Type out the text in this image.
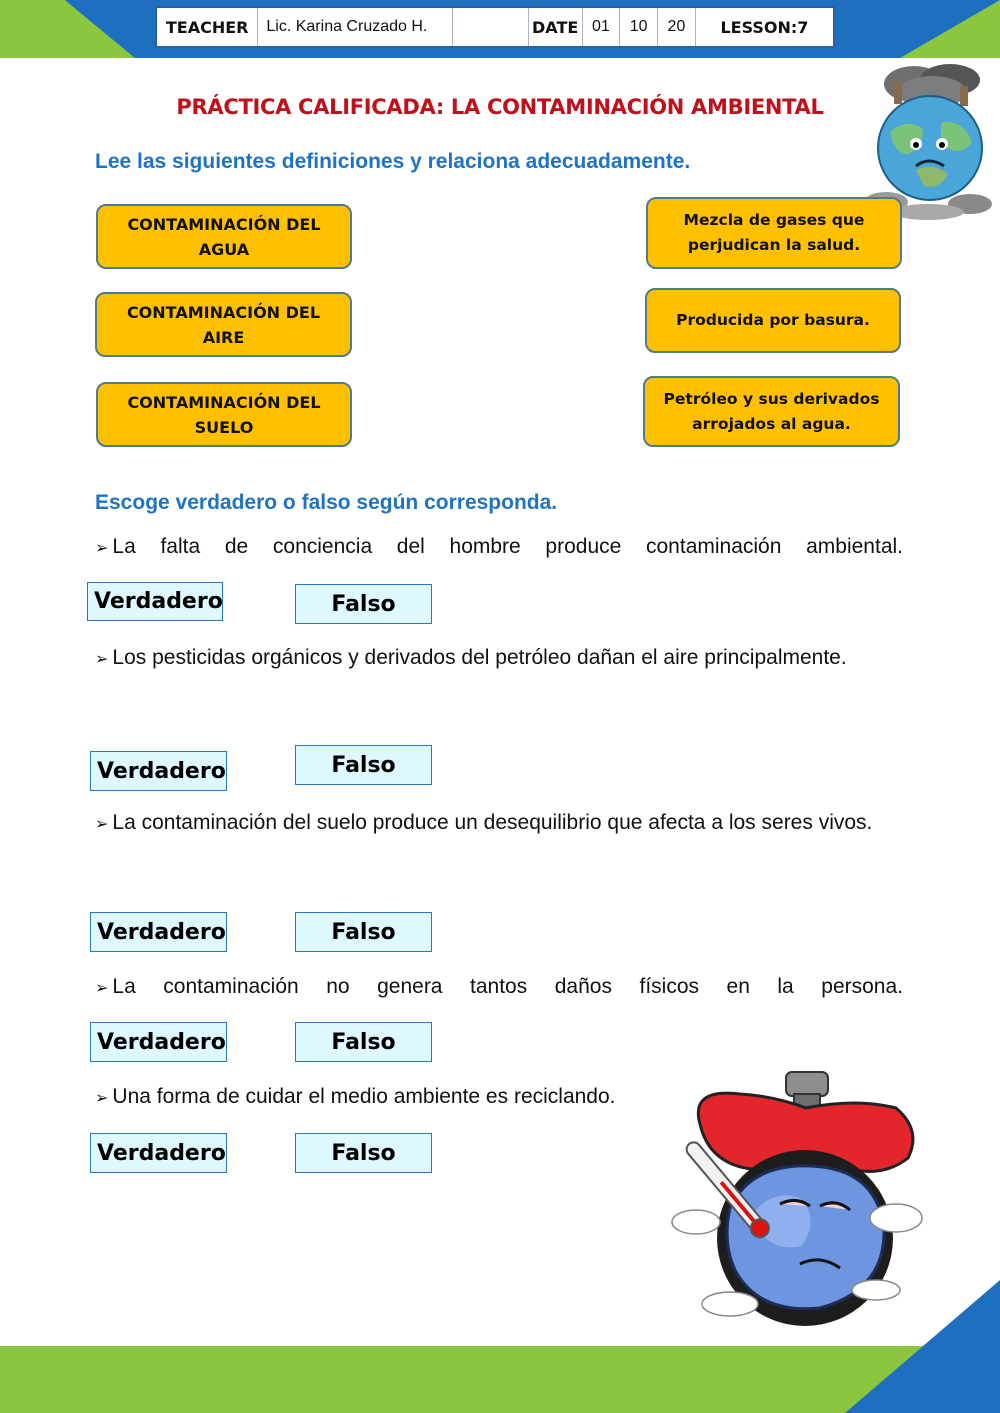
TEACHER	Lic. Karina Cruzado H.	DATE 01	10	20	LESSON:7
PRÁCTICA CALIFICADA: LA CONTAMINACIÓN AMBIENTAL
Lee las siguientes definiciones y relaciona adecuadamente.
CONTAMINACIÓN DEL
AGUA
CONTAMINACIÓN DEL
AIRE
CONTAMINACIÓN DEL
SUELO
Mezcla de gases que
perjudican la salud.
Producida por basura.
Petróleo y sus derivados
arrojados al agua.
Escoge verdadero o falso según corresponda.
➢ La falta de conciencia del hombre produce contaminación ambiental.
Verdadero	Falso
➢ Los pesticidas orgánicos y derivados del petróleo dañan el aire principalmente.
Verdadero	Falso
➢ La contaminación del suelo produce un desequilibrio que afecta a los seres vivos.
Verdadero	Falso
➢ La contaminación no genera tantos daños físicos en la persona.
Verdadero	Falso
➢ Una forma de cuidar el medio ambiente es reciclando.
Verdadero	Falso
